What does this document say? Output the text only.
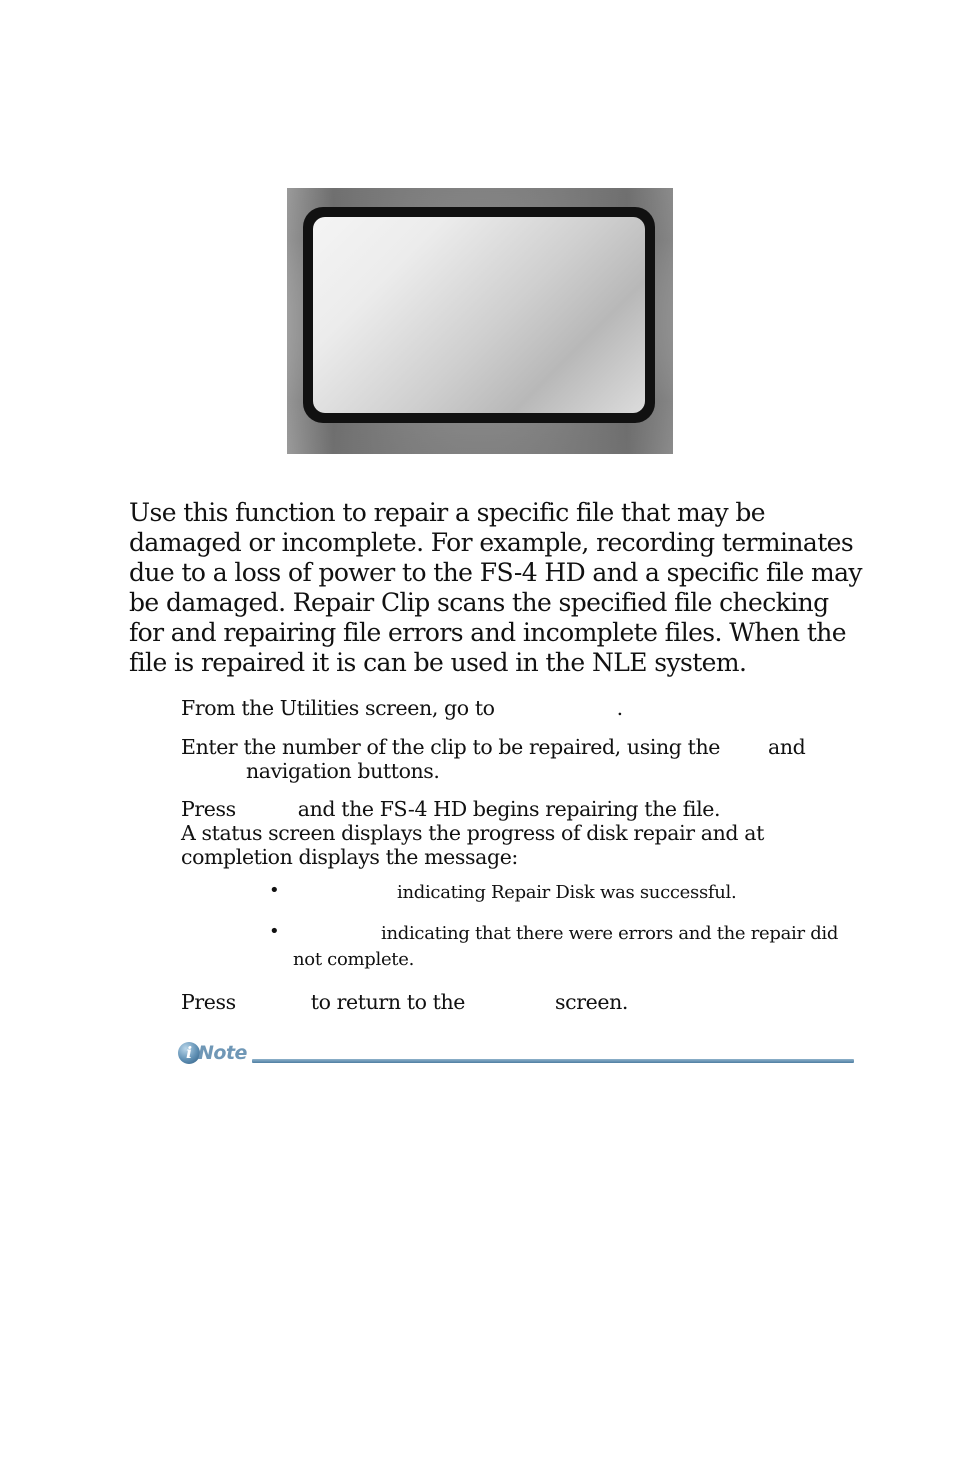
Use this function to repair a specific file that may be damaged or incomplete. For example, recording terminates due to a loss of power to the FS-4 HD and a specific file may be damaged. Repair Clip scans the specified file checking for and repairing file errors and incomplete files. When the file is repaired it is can be used in the NLE system.

From the Utilities screen, go to	.

Enter the number of the clip to be repaired, using the and

navigation buttons.

Press	and the FS-4 HD begins repairing the file.

A status screen displays the progress of disk repair and at

completion displays the message:

•	indicating Repair Disk was successful.
•	indicating that there were errors and the repair did
not complete.

Press	to return to the	screen.

i Note
